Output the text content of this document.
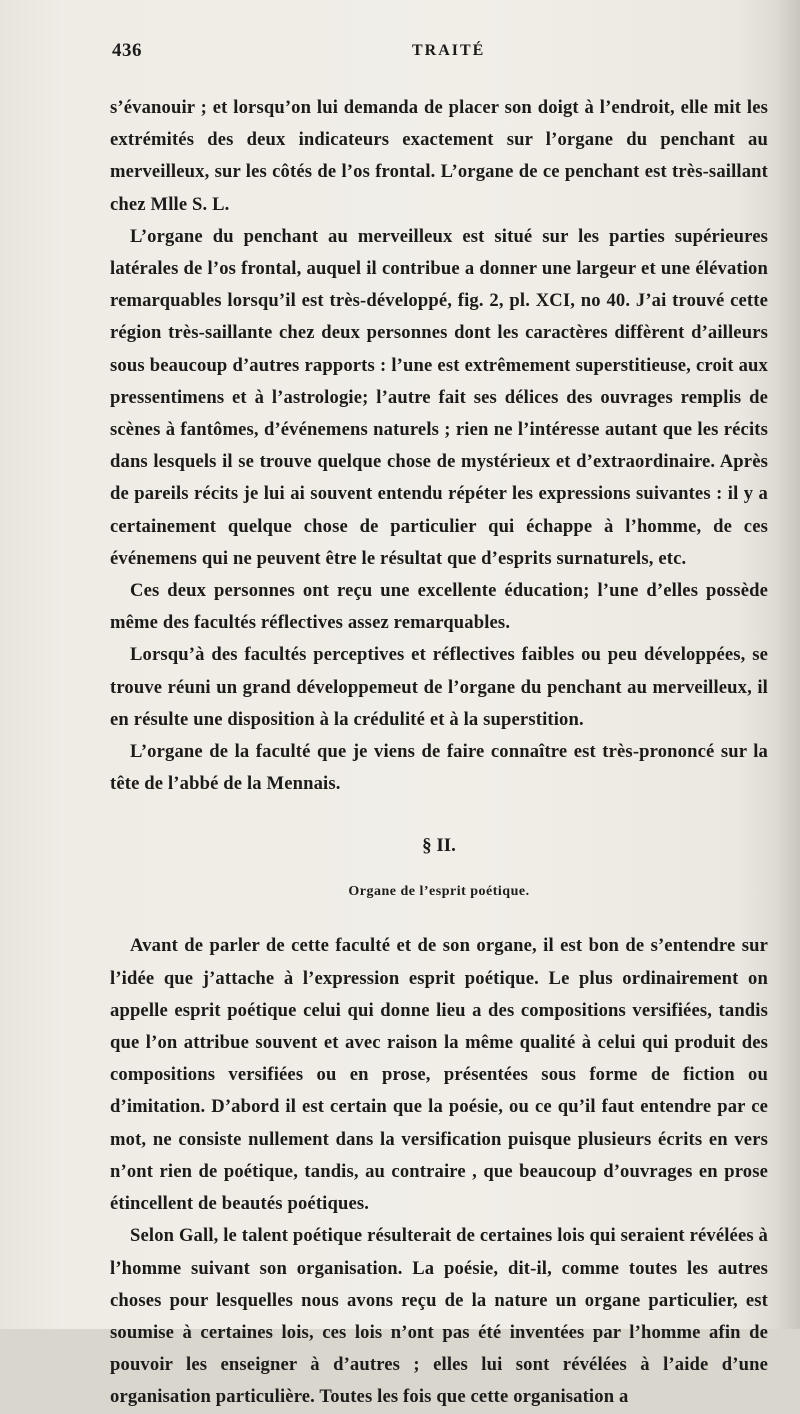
436	TRAITÉ

s’évanouir ; et lorsqu’on lui demanda de placer son doigt à l’endroit, elle mit les extrémités des deux indicateurs exactement sur l’organe du penchant au merveilleux, sur les côtés de l’os frontal. L’organe de ce penchant est très-saillant chez Mlle S. L.

L’organe du penchant au merveilleux est situé sur les parties supérieures latérales de l’os frontal, auquel il contribue a donner une largeur et une élévation remarquables lorsqu’il est très-développé, fig. 2, pl. XCI, no 40. J’ai trouvé cette région très-saillante chez deux personnes dont les caractères diffèrent d’ailleurs sous beaucoup d’autres rapports : l’une est extrêmement superstitieuse, croit aux pressentimens et à l’astrologie; l’autre fait ses délices des ouvrages remplis de scènes à fantômes, d’événemens naturels ; rien ne l’intéresse autant que les récits dans lesquels il se trouve quelque chose de mystérieux et d’extraordinaire. Après de pareils récits je lui ai souvent entendu répéter les expressions suivantes : il y a certainement quelque chose de particulier qui échappe à l’homme, de ces événemens qui ne peuvent être le résultat que d’esprits surnaturels, etc.

Ces deux personnes ont reçu une excellente éducation; l’une d’elles possède même des facultés réflectives assez remarquables.

Lorsqu’à des facultés perceptives et réflectives faibles ou peu développées, se trouve réuni un grand développemeut de l’organe du penchant au merveilleux, il en résulte une disposition à la crédulité et à la superstition.

L’organe de la faculté que je viens de faire connaître est très-prononcé sur la tête de l’abbé de la Mennais.

§ II.
Organe de l’esprit poétique.

Avant de parler de cette faculté et de son organe, il est bon de s’entendre sur l’idée que j’attache à l’expression esprit poétique. Le plus ordinairement on appelle esprit poétique celui qui donne lieu a des compositions versifiées, tandis que l’on attribue souvent et avec raison la même qualité à celui qui produit des compositions versifiées ou en prose, présentées sous forme de fiction ou d’imitation. D’abord il est certain que la poésie, ou ce qu’il faut entendre par ce mot, ne consiste nullement dans la versification puisque plusieurs écrits en vers n’ont rien de poétique, tandis, au contraire , que beaucoup d’ouvrages en prose étincellent de beautés poétiques.

Selon Gall, le talent poétique résulterait de certaines lois qui seraient révélées à l’homme suivant son organisation. La poésie, dit-il, comme toutes les autres choses pour lesquelles nous avons reçu de la nature un organe particulier, est soumise à certaines lois, ces lois n’ont pas été inventées par l’homme afin de pouvoir les enseigner à d’autres ; elles lui sont révélées à l’aide d’une organisation particulière. Toutes les fois que cette organisation a
